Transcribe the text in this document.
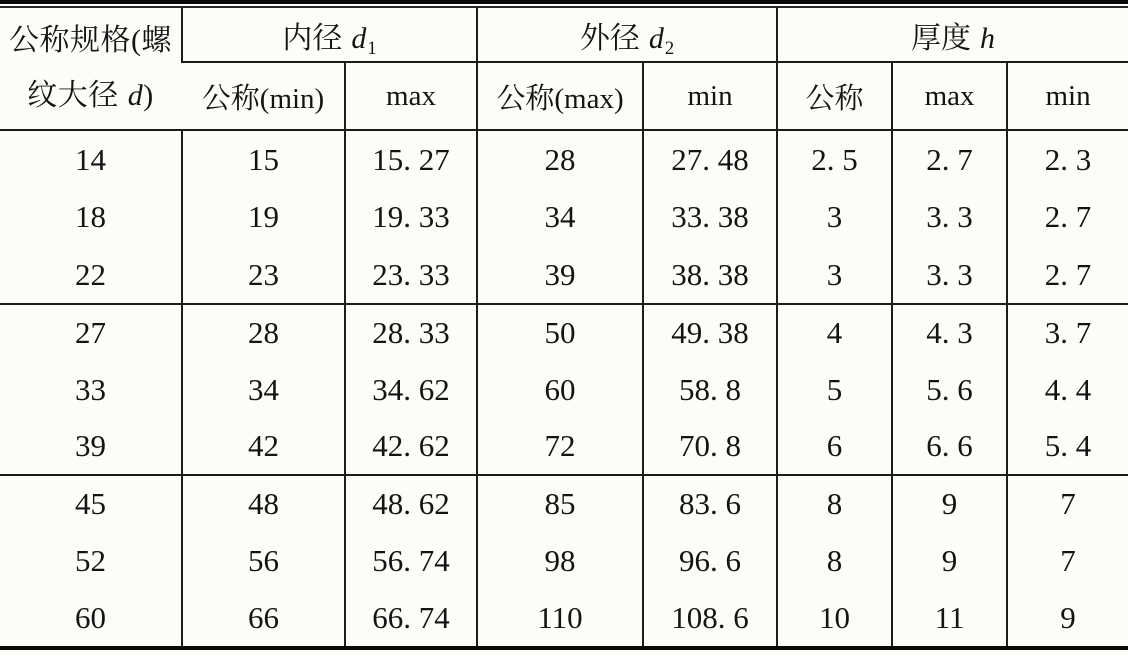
公称规格(螺
纹大径 d)	内径 $d_1$		外径 $d_2$		厚度 h		
	公称(min)	max	公称(max)	min	公称	max	min
14	15	15. 27	28	27. 48	2. 5	2. 7	2. 3
18	19	19. 33	34	33. 38	3	3. 3	2. 7
22	23	23. 33	39	38. 38	3	3. 3	2. 7
27	28	28. 33	50	49. 38	4	4. 3	3. 7
33	34	34. 62	60	58. 8	5	5. 6	4. 4
39	42	42. 62	72	70. 8	6	6. 6	5. 4
45	48	48. 62	85	83. 6	8	9	7
52	56	56. 74	98	96. 6	8	9	7
60	66	66. 74	110	108. 6	10	11	9
